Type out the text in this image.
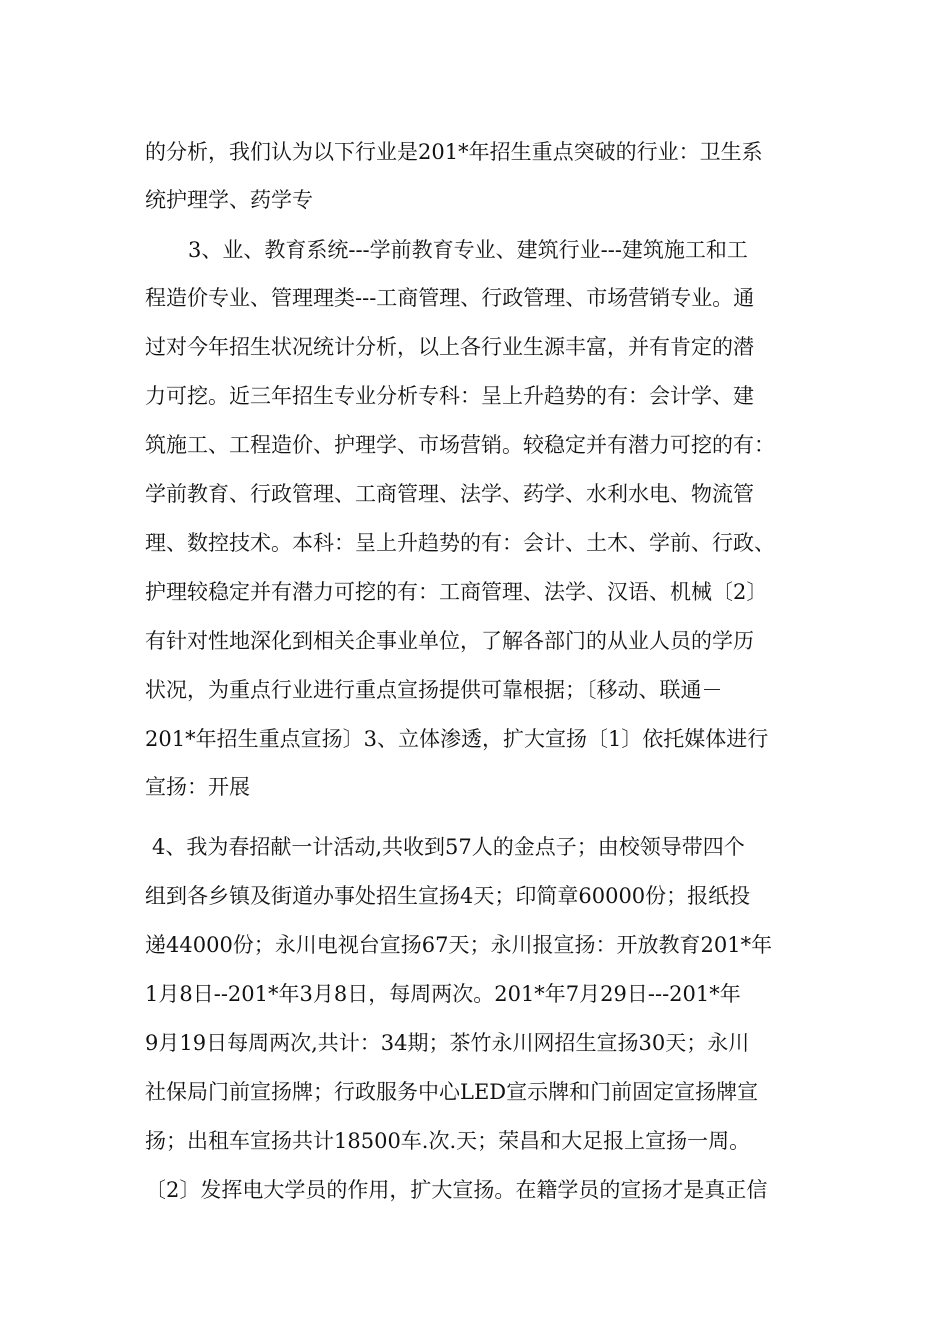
的分析，我们认为以下行业是201*年招生重点突破的行业：卫生系
统护理学、药学专
3、业、教育系统---学前教育专业、建筑行业---建筑施工和工
程造价专业、管理理类---工商管理、行政管理、市场营销专业。通
过对今年招生状况统计分析，以上各行业生源丰富，并有肯定的潜
力可挖。近三年招生专业分析专科：呈上升趋势的有：会计学、建
筑施工、工程造价、护理学、市场营销。较稳定并有潜力可挖的有：
学前教育、行政管理、工商管理、法学、药学、水利水电、物流管
理、数控技术。本科：呈上升趋势的有：会计、土木、学前、行政、
护理较稳定并有潜力可挖的有：工商管理、法学、汉语、机械〔2〕
有针对性地深化到相关企事业单位，了解各部门的从业人员的学历
状况，为重点行业进行重点宣扬提供可靠根据；〔移动、联通－
201*年招生重点宣扬〕3、立体渗透，扩大宣扬〔1〕依托媒体进行
宣扬：开展
4、我为春招献一计活动,共收到57人的金点子；由校领导带四个
组到各乡镇及街道办事处招生宣扬4天；印简章60000份；报纸投
递44000份；永川电视台宣扬67天；永川报宣扬：开放教育201*年
1月8日--201*年3月8日，每周两次。201*年7月29日---201*年
9月19日每周两次,共计：34期；茶竹永川网招生宣扬30天；永川
社保局门前宣扬牌；行政服务中心LED宣示牌和门前固定宣扬牌宣
扬；出租车宣扬共计18500车.次.天；荣昌和大足报上宣扬一周。
〔2〕发挥电大学员的作用，扩大宣扬。在籍学员的宣扬才是真正信
